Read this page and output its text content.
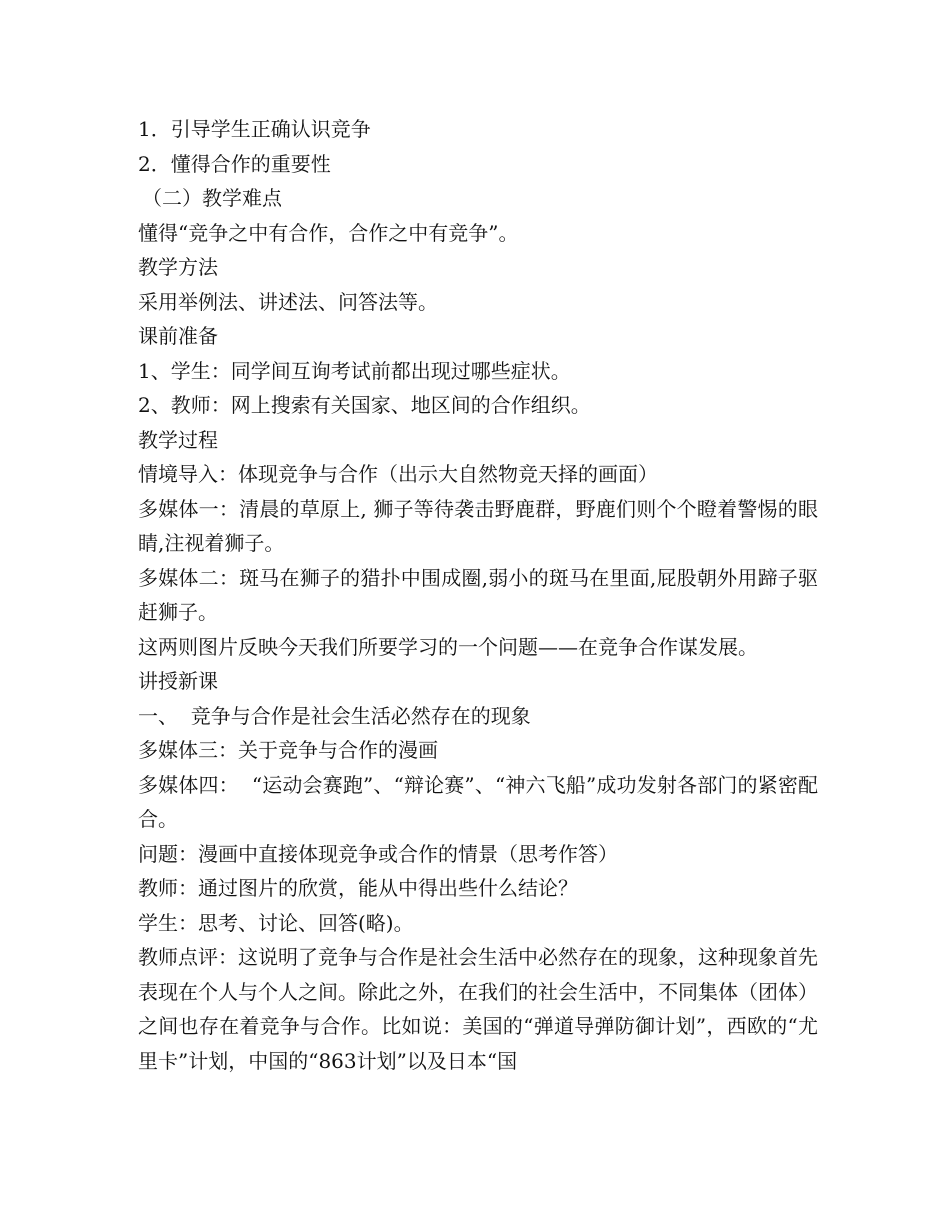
1．引导学生正确认识竞争
2．懂得合作的重要性
（二）教学难点
懂得“竞争之中有合作，合作之中有竞争”。
教学方法
采用举例法、讲述法、问答法等。
课前准备
1、学生：同学间互询考试前都出现过哪些症状。
2、教师：网上搜索有关国家、地区间的合作组织。
教学过程
情境导入：体现竞争与合作（出示大自然物竞天择的画面）
多媒体一：清晨的草原上, 狮子等待袭击野鹿群，野鹿们则个个瞪着警惕的眼睛,注视着狮子。
多媒体二：斑马在狮子的猎扑中围成圈,弱小的斑马在里面,屁股朝外用蹄子驱赶狮子。
这两则图片反映今天我们所要学习的一个问题——在竞争合作谋发展。
讲授新课
一、  竞争与合作是社会生活必然存在的现象
多媒体三：关于竞争与合作的漫画
多媒体四：  “运动会赛跑”、“辩论赛”、“神六飞船”成功发射各部门的紧密配合。
问题：漫画中直接体现竞争或合作的情景（思考作答）
教师：通过图片的欣赏，能从中得出些什么结论？
学生：思考、讨论、回答(略)。
教师点评：这说明了竞争与合作是社会生活中必然存在的现象，这种现象首先表现在个人与个人之间。除此之外，在我们的社会生活中，不同集体（团体）之间也存在着竞争与合作。比如说：美国的“弹道导弹防御计划”，西欧的“尤里卡”计划，中国的“863计划”以及日本“国
